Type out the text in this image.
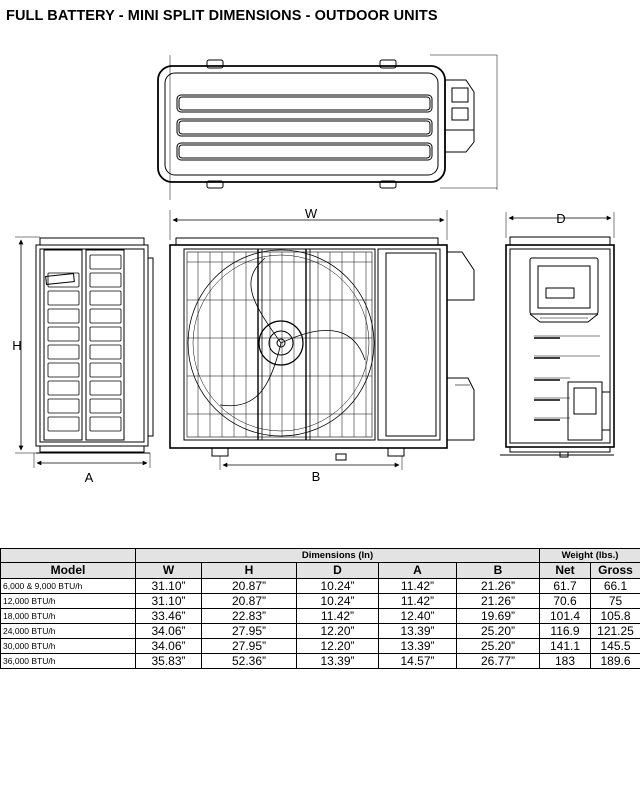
FULL BATTERY - MINI SPLIT DIMENSIONS - OUTDOOR UNITS
W	D
H
A	B
	Dimensions (In)					Weight (lbs.)	
Model	W	H	D	A	B	Net	Gross
6,000 & 9,000 BTU/h	31.10”	20.87”	10.24”	11.42”	21.26”	61.7	66.1
12,000 BTU/h	31.10”	20.87”	10.24”	11.42”	21.26”	70.6	75
18,000 BTU/h	33.46”	22.83”	11.42”	12.40”	19.69”	101.4	105.8
24,000 BTU/h	34.06”	27.95”	12.20”	13.39”	25.20”	116.9	121.25
30,000 BTU/h	34.06”	27.95”	12.20”	13.39”	25.20”	141.1	145.5
36,000 BTU/h	35.83”	52.36”	13.39”	14.57”	26.77”	183	189.6
